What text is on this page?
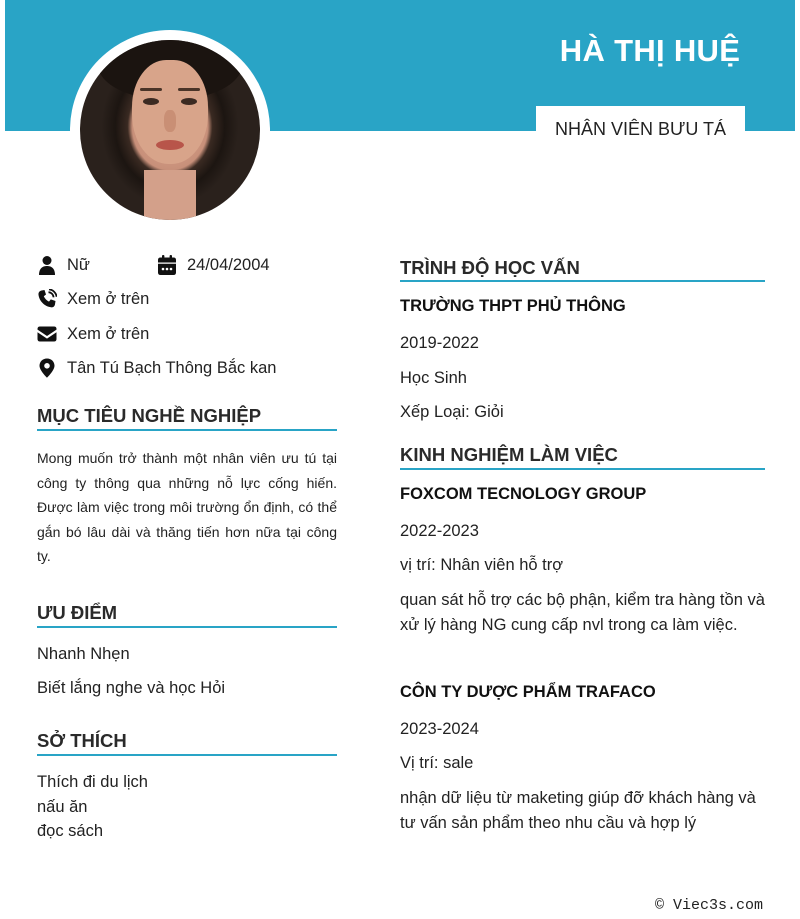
HÀ THỊ HUỆ
NHÂN VIÊN BƯU TÁ
Nữ	24/04/2004
Xem ở trên
Xem ở trên
Tân Tú Bạch Thông Bắc kan
MỤC TIÊU NGHỀ NGHIỆP
Mong muốn trở thành một nhân viên ưu tú tại công ty thông qua những nỗ lực cống hiến. Được làm việc trong môi trường ổn định, có thể gắn bó lâu dài và thăng tiến hơn nữa tại công ty.
ƯU ĐIỂM
Nhanh Nhẹn
Biết lắng nghe và học Hỏi
SỞ THÍCH
Thích đi du lịch
nấu ăn
đọc sách
TRÌNH ĐỘ HỌC VẤN
TRƯỜNG THPT PHỦ THÔNG
2019-2022
Học Sinh
Xếp Loại: Giỏi
KINH NGHIỆM LÀM VIỆC
FOXCOM TECNOLOGY GROUP
2022-2023
vị trí: Nhân viên hỗ trợ
quan sát hỗ trợ các bộ phận, kiểm tra hàng tồn và xử lý hàng NG cung cấp nvl trong ca làm việc.
CÔN TY DƯỢC PHẨM TRAFACO
2023-2024
Vị trí: sale
nhận dữ liệu từ maketing giúp đỡ khách hàng và tư vấn sản phẩm theo nhu cầu và hợp lý
© Viec3s.com
